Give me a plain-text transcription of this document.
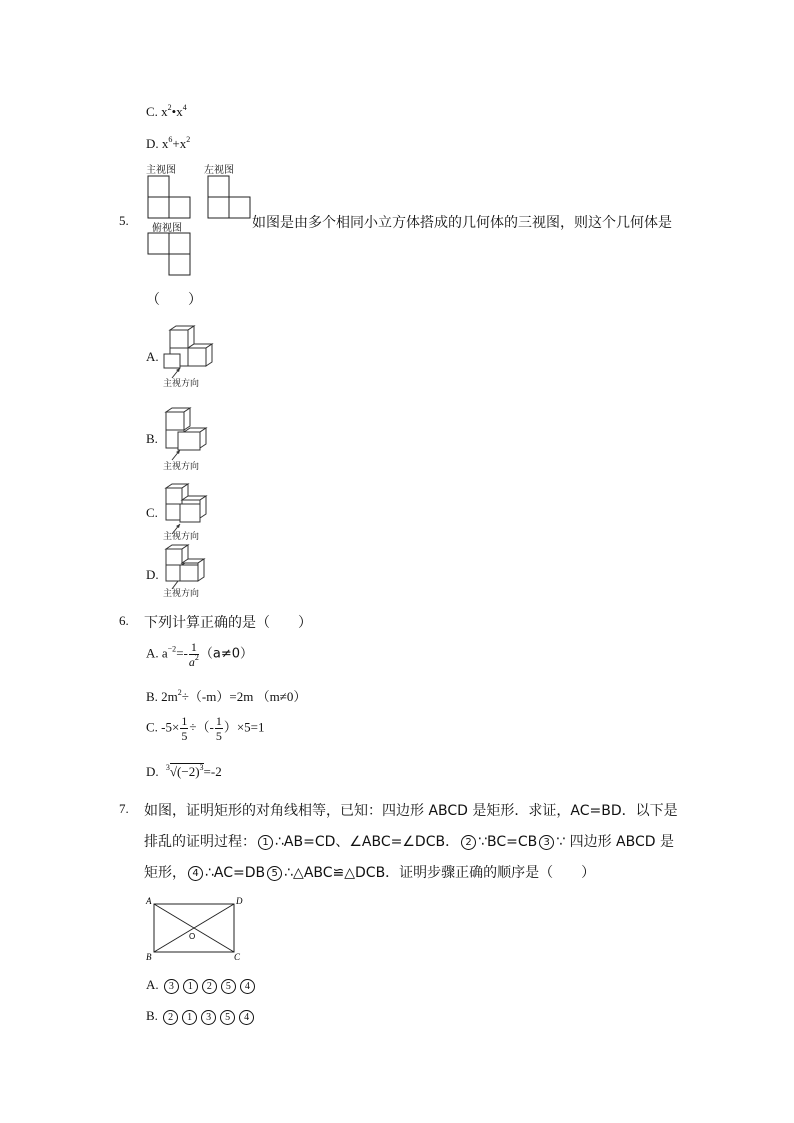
C. $x^2•x^4$
D. $x^6+x^2$
主视图	左视图
5.
俯视图	如图是由多个相同小立方体搭成的几何体的三视图，则这个几何体是
（　　）
A.
主视方向
B.
主视方向
C.
主视方向
D.
主视方向
6. 下列计算正确的是（　　）
A. $a^{-2}=- \frac{1}{a^2} (a\ne 0)$
B. $2m^2\div(-m)=2m$ （m≠0）
C. $-5\times \frac{1}{5}$ ÷（- $\frac{1}{5} )\times 5=1$
D. $^3√(-2)^3=-2$
7. 如图，证明矩形的对角线相等，已知：四边形 ABCD 是矩形．求证，AC=BD．以下是
排乱的证明过程： 1 ∴AB=CD、∠ABC=∠DCB． 2 ∵BC=CB 3 ∵ 四边形 ABCD 是
矩形， 4 ∴AC=DB 5 ∴△ABC≌△DCB．证明步骤正确的顺序是（　　）
A	D
B	C
O
A. 3 1 2 5 4
B. 2 1 3 5 4
